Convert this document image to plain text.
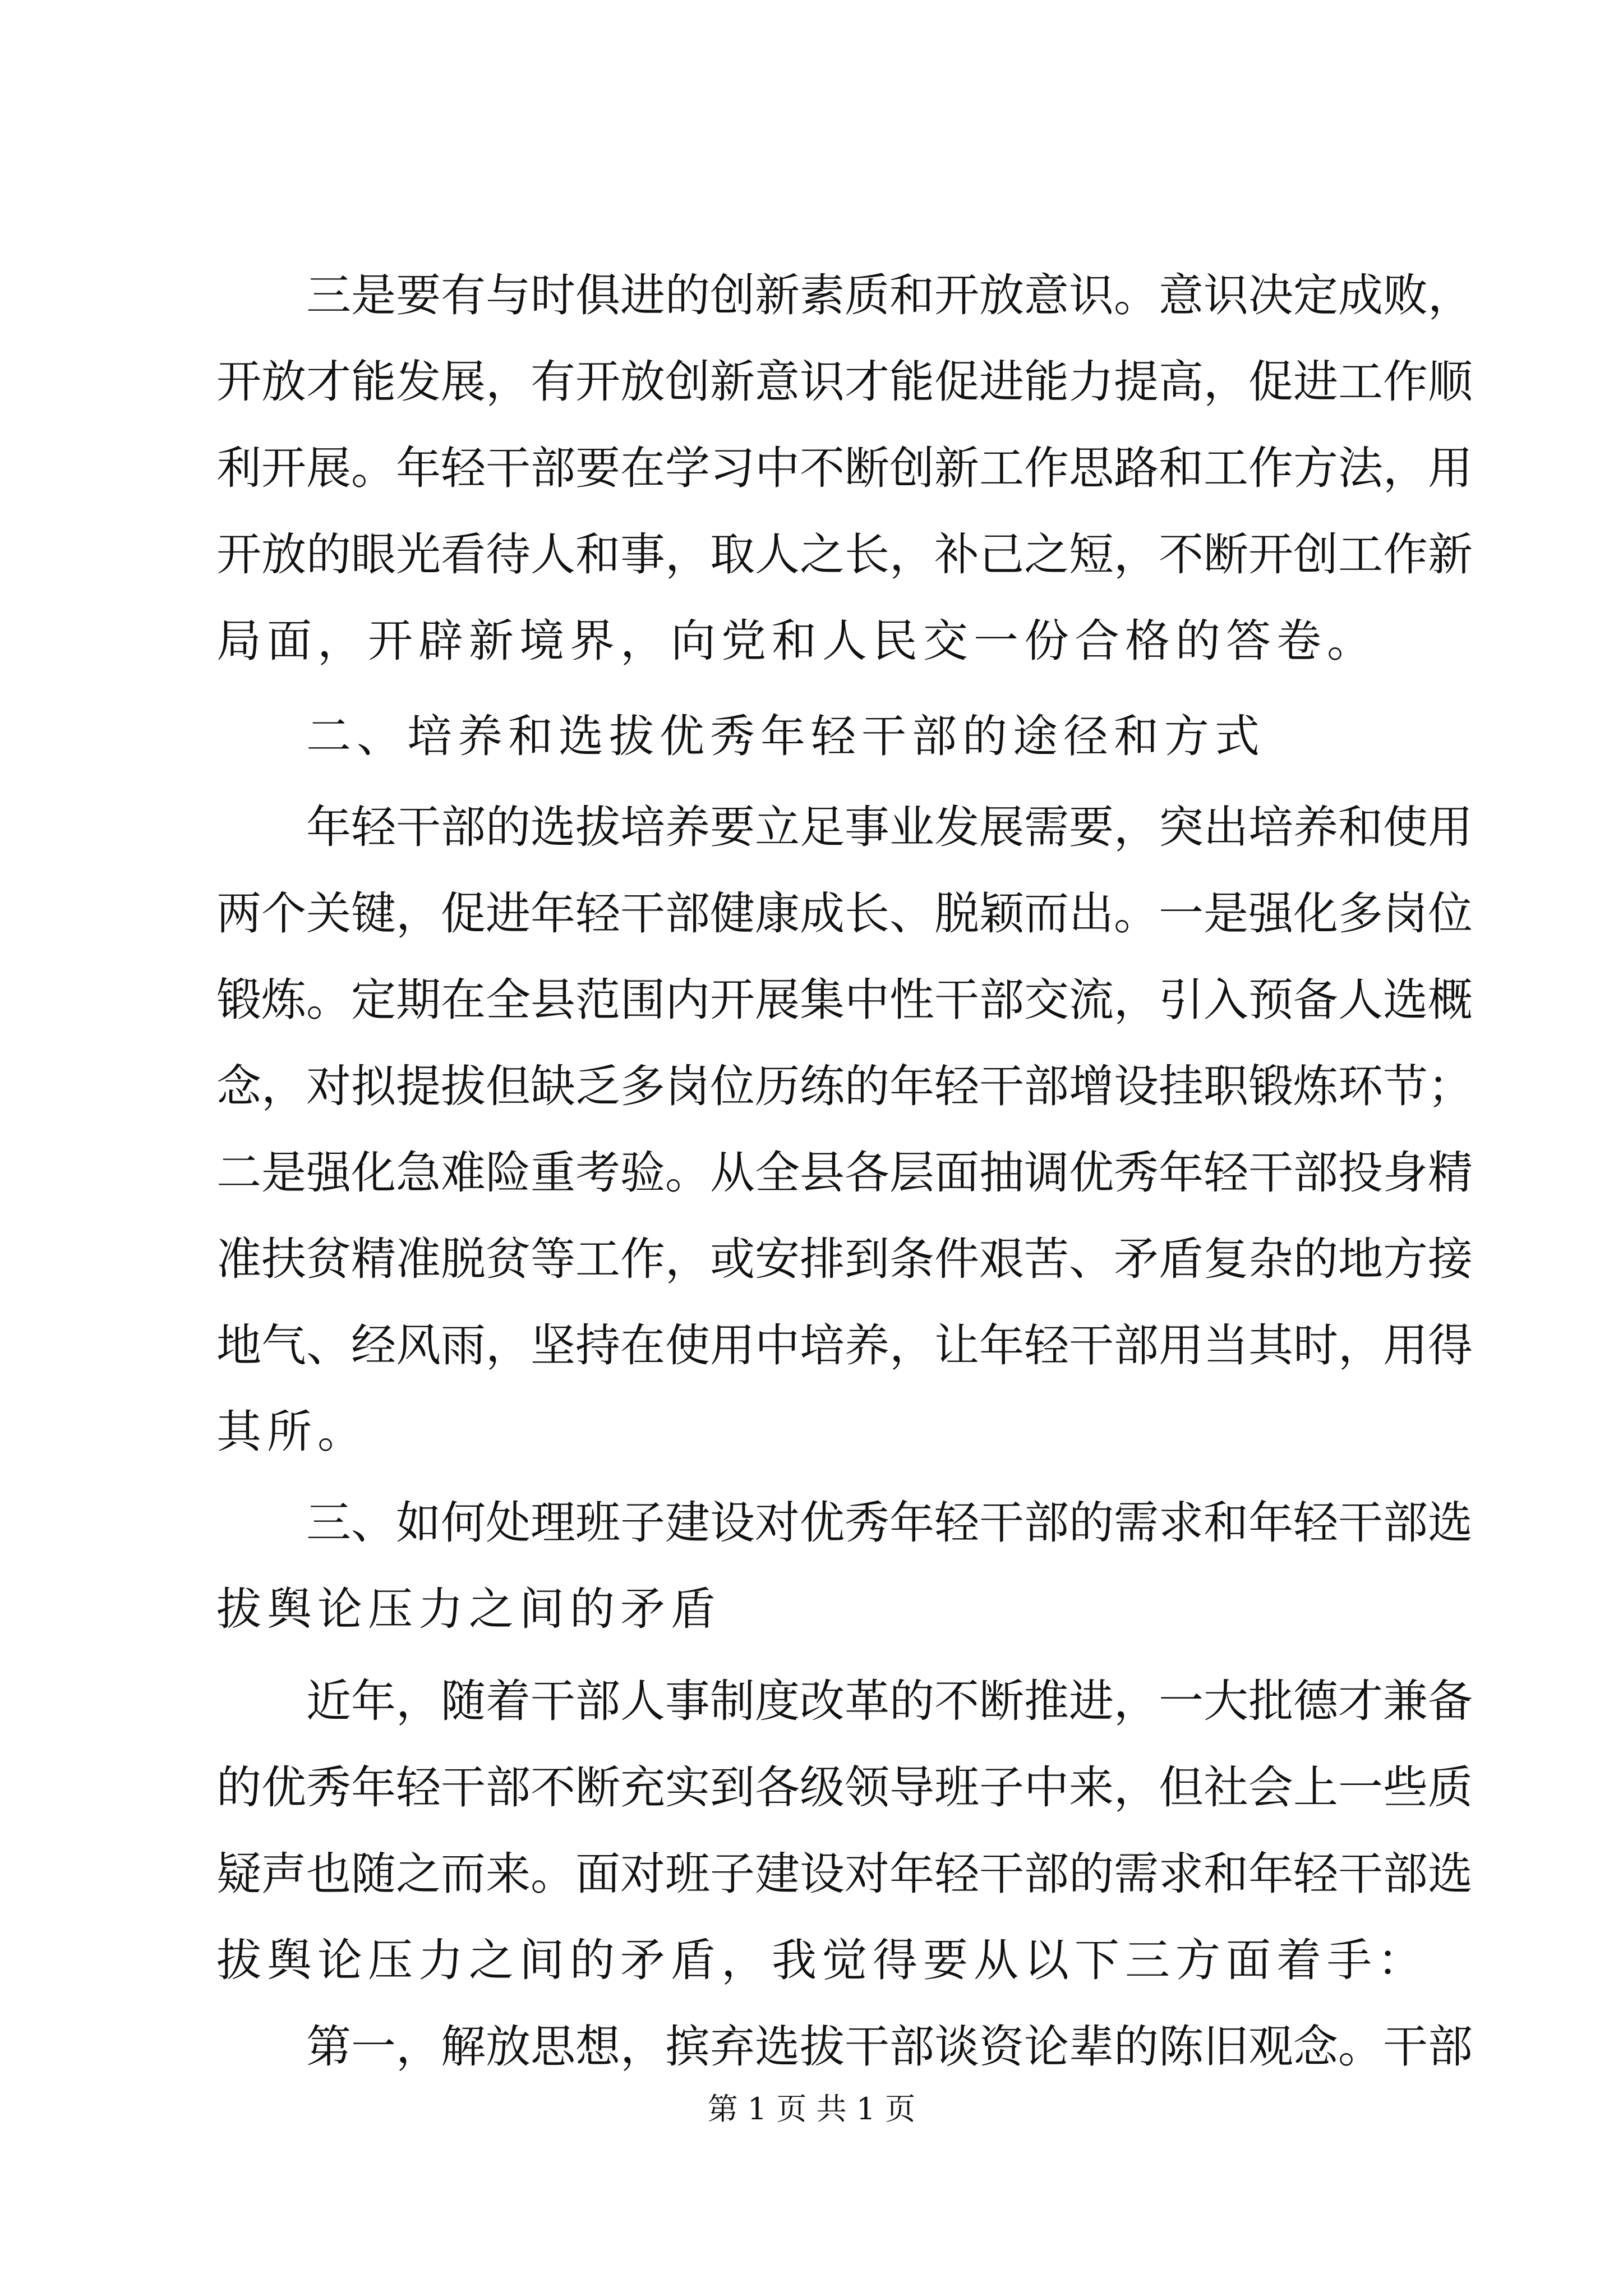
三是要有与时俱进的创新素质和开放意识。意识决定成败，
开放才能发展，有开放创新意识才能促进能力提高，促进工作顺
利开展。年轻干部要在学习中不断创新工作思路和工作方法，用
开放的眼光看待人和事，取人之长，补己之短，不断开创工作新
局面，开辟新境界，向党和人民交一份合格的答卷。
二、培养和选拔优秀年轻干部的途径和方式
年轻干部的选拔培养要立足事业发展需要，突出培养和使用
两个关键，促进年轻干部健康成长、脱颖而出。一是强化多岗位
锻炼。定期在全县范围内开展集中性干部交流，引入预备人选概
念，对拟提拔但缺乏多岗位历练的年轻干部增设挂职锻炼环节；
二是强化急难险重考验。从全县各层面抽调优秀年轻干部投身精
准扶贫精准脱贫等工作，或安排到条件艰苦、矛盾复杂的地方接
地气、经风雨，坚持在使用中培养，让年轻干部用当其时，用得
其所。
三、如何处理班子建设对优秀年轻干部的需求和年轻干部选
拔舆论压力之间的矛盾
近年，随着干部人事制度改革的不断推进，一大批德才兼备
的优秀年轻干部不断充实到各级领导班子中来，但社会上一些质
疑声也随之而来。面对班子建设对年轻干部的需求和年轻干部选
拔舆论压力之间的矛盾，我觉得要从以下三方面着手：
第一，解放思想，摈弃选拔干部谈资论辈的陈旧观念。干部
第 1 页 共 1 页
